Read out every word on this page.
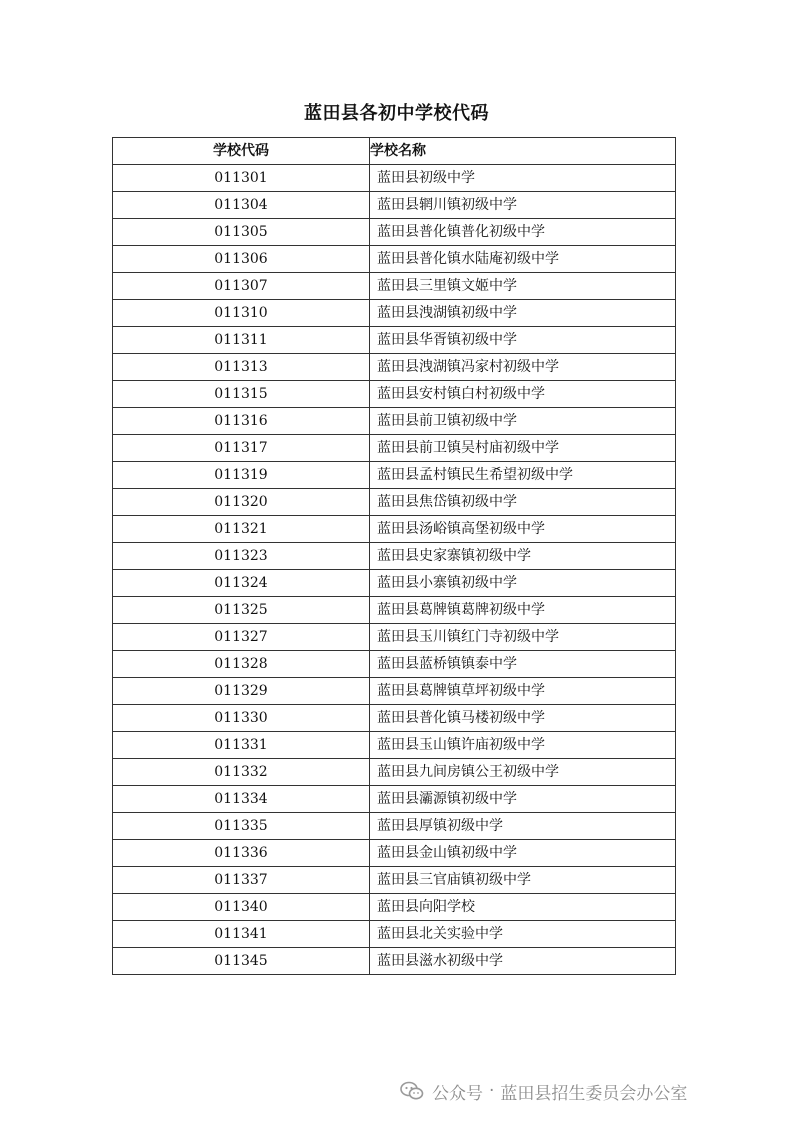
蓝田县各初中学校代码
学校代码	学校名称
011301	蓝田县初级中学
011304	蓝田县辋川镇初级中学
011305	蓝田县普化镇普化初级中学
011306	蓝田县普化镇水陆庵初级中学
011307	蓝田县三里镇文姬中学
011310	蓝田县洩湖镇初级中学
011311	蓝田县华胥镇初级中学
011313	蓝田县洩湖镇冯家村初级中学
011315	蓝田县安村镇白村初级中学
011316	蓝田县前卫镇初级中学
011317	蓝田县前卫镇吴村庙初级中学
011319	蓝田县孟村镇民生希望初级中学
011320	蓝田县焦岱镇初级中学
011321	蓝田县汤峪镇高堡初级中学
011323	蓝田县史家寨镇初级中学
011324	蓝田县小寨镇初级中学
011325	蓝田县葛牌镇葛牌初级中学
011327	蓝田县玉川镇红门寺初级中学
011328	蓝田县蓝桥镇镇泰中学
011329	蓝田县葛牌镇草坪初级中学
011330	蓝田县普化镇马楼初级中学
011331	蓝田县玉山镇许庙初级中学
011332	蓝田县九间房镇公王初级中学
011334	蓝田县灞源镇初级中学
011335	蓝田县厚镇初级中学
011336	蓝田县金山镇初级中学
011337	蓝田县三官庙镇初级中学
011340	蓝田县向阳学校
011341	蓝田县北关实验中学
011345	蓝田县滋水初级中学
公众号 · 蓝田县招生委员会办公室
